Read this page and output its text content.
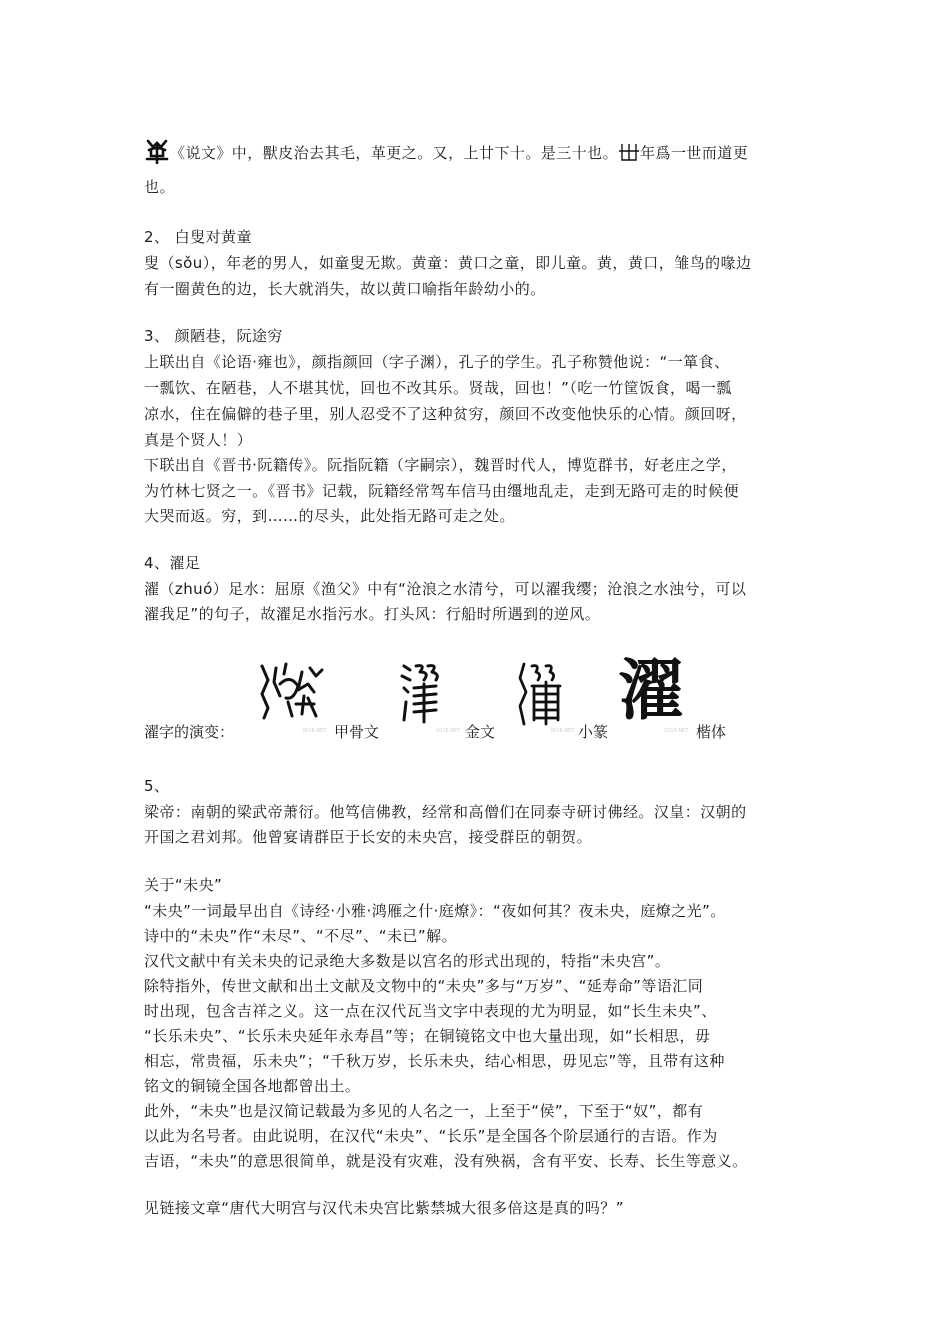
《说文》中，獸皮治去其毛，革更之。又，上廿下十。是三十也。 年爲一世而道更
也。
2、 白叟对黄童
叟（sǒu），年老的男人，如童叟无欺。黄童：黄口之童，即儿童。黄，黄口，雏鸟的喙边
有一圈黄色的边，长大就消失，故以黄口喻指年龄幼小的。
3、 颜陋巷，阮途穷
上联出自《论语·雍也》，颜指颜回（字子渊），孔子的学生。孔子称赞他说：“一箪食、
一瓢饮、在陋巷，人不堪其忧，回也不改其乐。贤哉，回也！”（吃一竹筐饭食，喝一瓢
凉水，住在偏僻的巷子里，别人忍受不了这种贫穷，颜回不改变他快乐的心情。颜回呀，
真是个贤人！）
下联出自《晋书·阮籍传》。阮指阮籍（字嗣宗），魏晋时代人，博览群书，好老庄之学，
为竹林七贤之一。《晋书》记载，阮籍经常驾车信马由缰地乱走，走到无路可走的时候便
大哭而返。穷，到……的尽头，此处指无路可走之处。
4、濯足
濯（zhuó）足水：屈原《渔父》中有“沧浪之水清兮，可以濯我缨；沧浪之水浊兮，可以
濯我足”的句子，故濯足水指污水。打头风：行船时所遇到的逆风。
濯字的演变：	2016.NET 甲骨文	2016.NET 金文	2016.NET 小篆
濯
2016.NET 楷体
5、
梁帝：南朝的梁武帝萧衍。他笃信佛教，经常和高僧们在同泰寺研讨佛经。汉皇：汉朝的
开国之君刘邦。他曾宴请群臣于长安的未央宫，接受群臣的朝贺。
关于“未央”
“未央”一词最早出自《诗经·小雅·鸿雁之什·庭燎》：“夜如何其？夜未央，庭燎之光”。
诗中的“未央”作“未尽”、“不尽”、“未已”解。
汉代文献中有关未央的记录绝大多数是以宫名的形式出现的，特指“未央宫”。
除特指外，传世文献和出土文献及文物中的“未央”多与“万岁”、“延寿命”等语汇同
时出现，包含吉祥之义。这一点在汉代瓦当文字中表现的尤为明显，如“长生未央”、
“长乐未央”、“长乐未央延年永寿昌”等；在铜镜铭文中也大量出现，如“长相思，毋
相忘，常贵福，乐未央”；“千秋万岁，长乐未央，结心相思，毋见忘”等，且带有这种
铭文的铜镜全国各地都曾出土。
此外，“未央”也是汉简记载最为多见的人名之一，上至于“侯”，下至于“奴”，都有
以此为名号者。由此说明，在汉代“未央”、“长乐”是全国各个阶层通行的吉语。作为
吉语，“未央”的意思很简单，就是没有灾难，没有殃祸，含有平安、长寿、长生等意义。
见链接文章“唐代大明宫与汉代未央宫比紫禁城大很多倍这是真的吗？”
